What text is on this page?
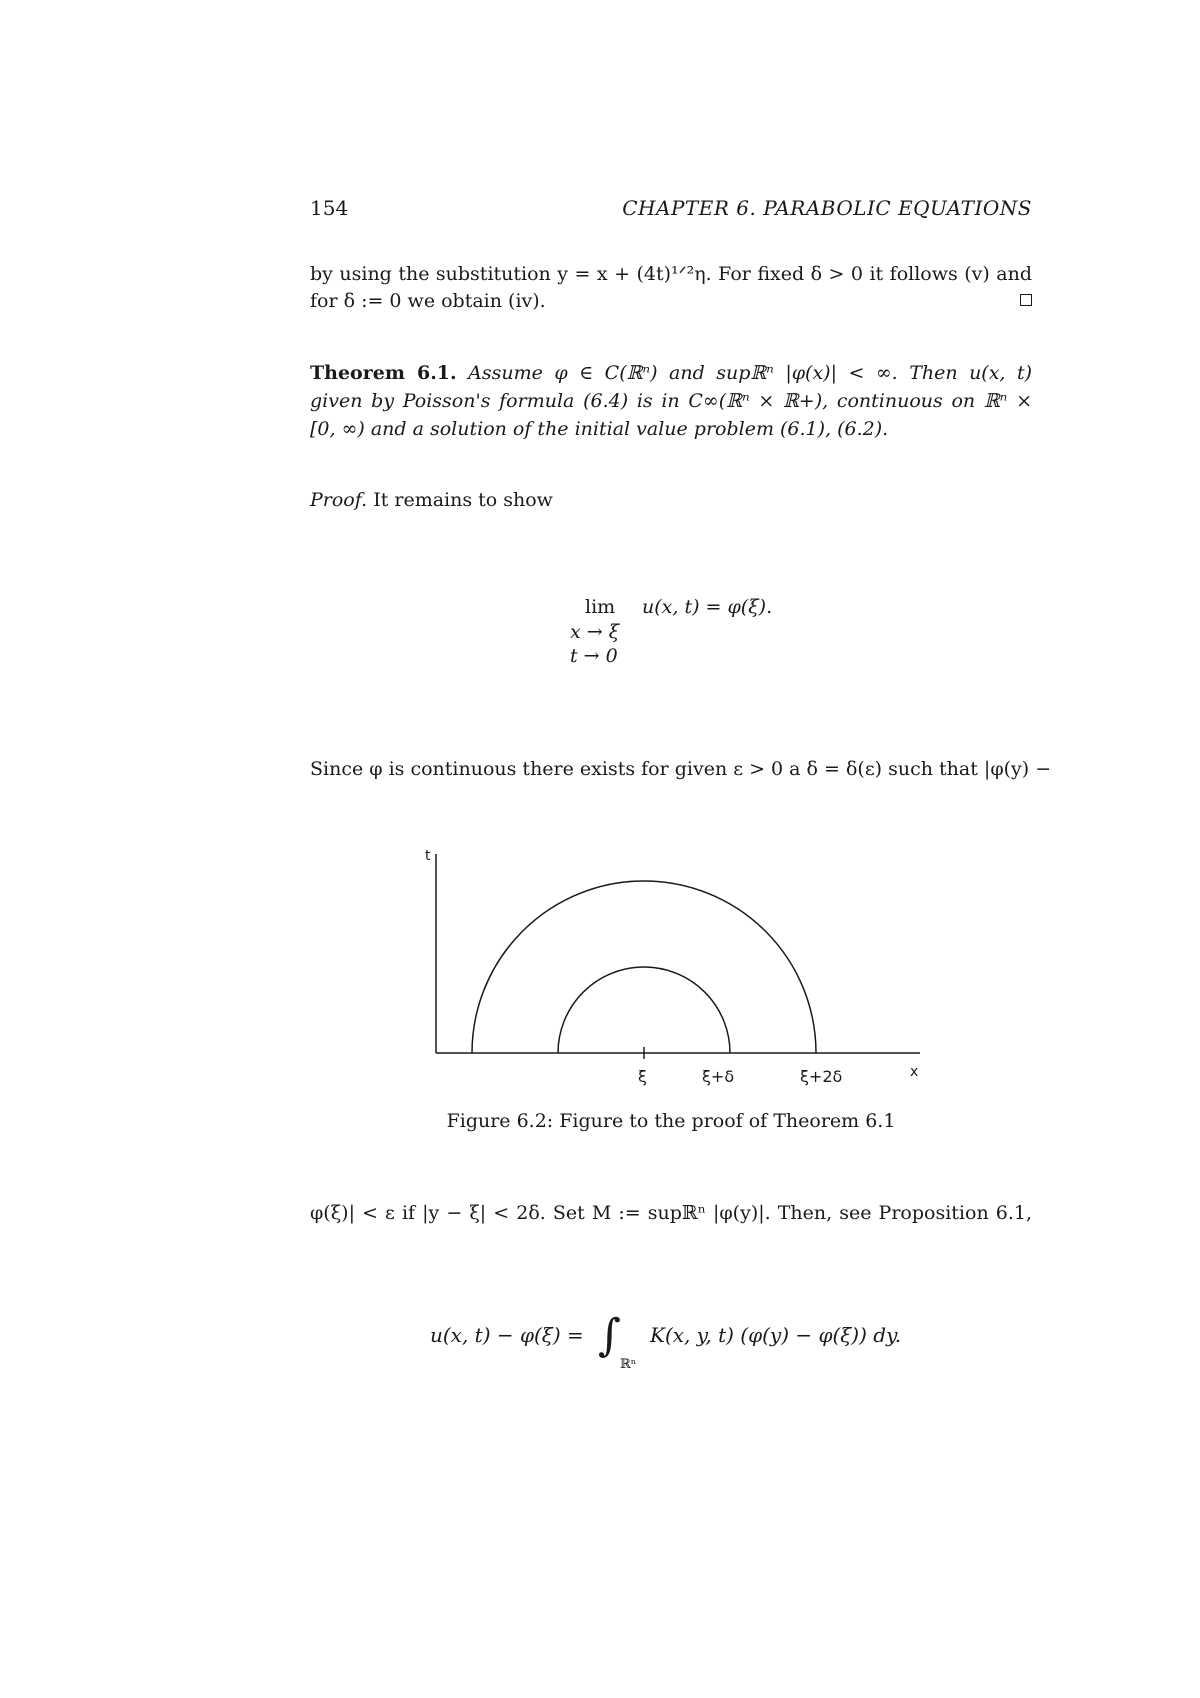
154	CHAPTER 6. PARABOLIC EQUATIONS
by using the substitution y = x + (4t)¹ᐟ²η. For fixed δ > 0 it follows (v) and
for δ := 0 we obtain (iv).
Theorem 6.1. Assume φ ∈ C(ℝⁿ) and supℝⁿ |φ(x)| < ∞. Then u(x, t)
given by Poisson's formula (6.4) is in C∞(ℝⁿ × ℝ+), continuous on ℝⁿ ×
[0, ∞) and a solution of the initial value problem (6.1), (6.2).
Proof. It remains to show
lim u(x, t) = φ(ξ).
x → ξ
t → 0
Since φ is continuous there exists for given ε > 0 a δ = δ(ε) such that |φ(y) −
t
x
ξ	ξ+δ	ξ+2δ
Figure 6.2: Figure to the proof of Theorem 6.1
φ(ξ)| < ε if |y − ξ| < 2δ. Set M := supℝⁿ |φ(y)|. Then, see Proposition 6.1,
u(x, t) − φ(ξ) = ∫
ℝⁿ
K(x, y, t) (φ(y) − φ(ξ)) dy.
